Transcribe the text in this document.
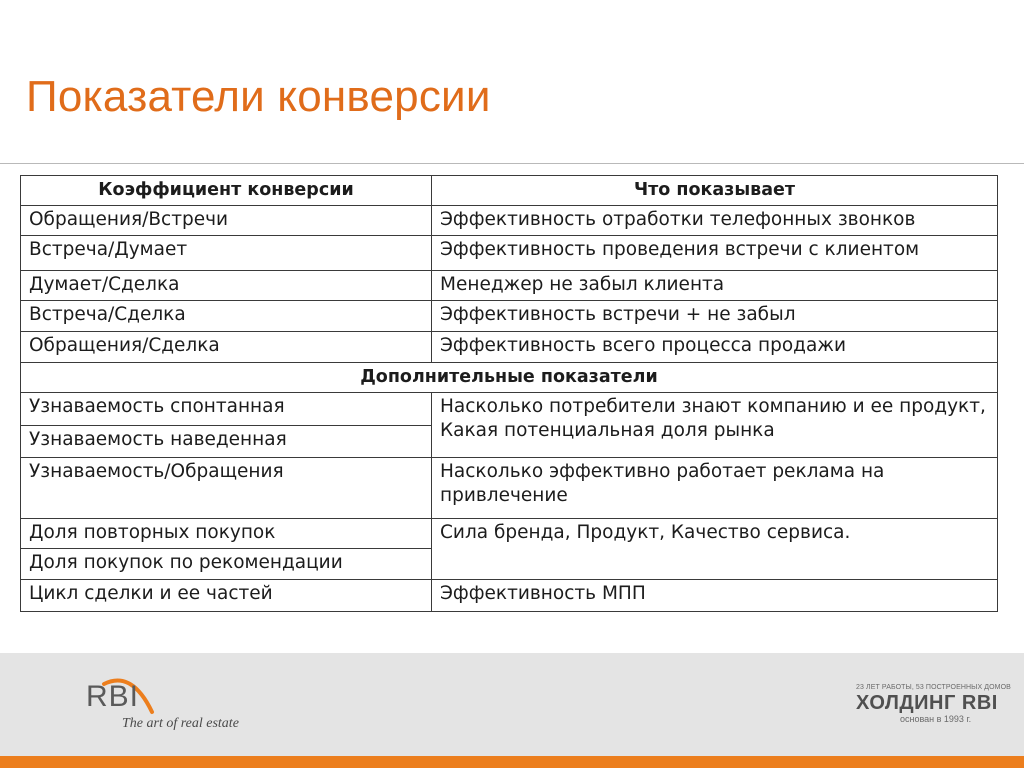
Показатели конверсии
Коэффициент конверсии	Что показывает
Обращения/Встречи	Эффективность отработки телефонных звонков
Встреча/Думает	Эффективность проведения встречи с клиентом
Думает/Сделка	Менеджер не забыл клиента
Встреча/Сделка	Эффективность встречи + не забыл
Обращения/Сделка	Эффективность всего процесса продажи
Дополнительные показатели	
Узнаваемость спонтанная	Насколько потребители знают компанию и ее продукт, Какая потенциальная доля рынка
Узнаваемость наведенная	
Узнаваемость/Обращения	Насколько эффективно работает реклама на привлечение
Доля повторных покупок	Сила бренда, Продукт, Качество сервиса.
Доля покупок по рекомендации	
Цикл сделки и ее частей	Эффективность МПП
RBI
The art of real estate
23 ЛЕТ РАБОТЫ, 53 ПОСТРОЕННЫХ ДОМОВ
ХОЛДИНГ RBI
основан в 1993 г.
